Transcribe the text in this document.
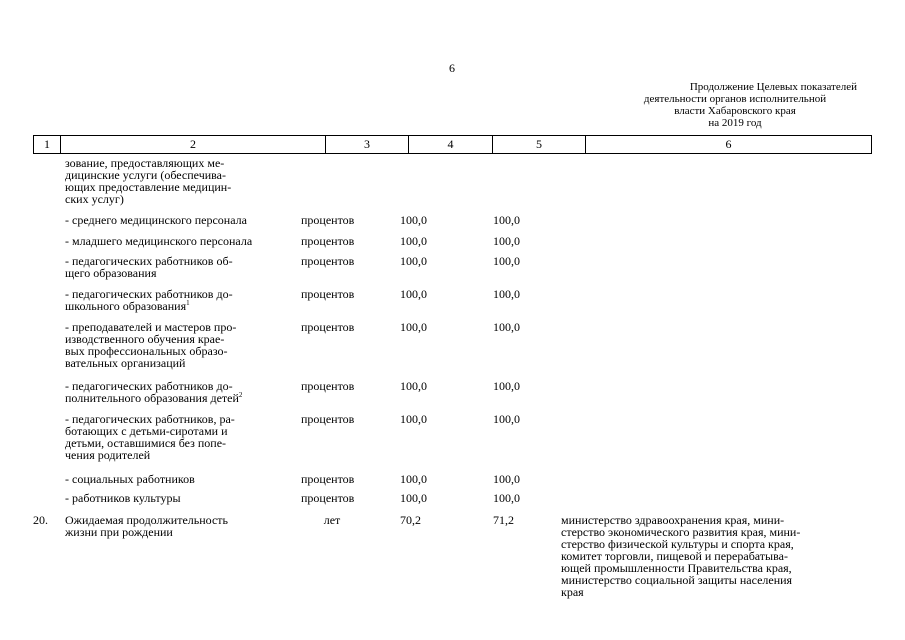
6
Продолжение Целевых показателей
деятельности органов исполнительной
власти Хабаровского края
на 2019 год
1	2	3	4	5	6
зование, предоставляющих ме-
дицинские услуги (обеспечива-
ющих предоставление медицин-
ских услуг)
- среднего медицинского персонала	процентов	100,0	100,0
- младшего медицинского персонала	процентов	100,0	100,0
- педагогических работников об-
щего образования
процентов	100,0	100,0
- педагогических работников до-
школьного образования$^1$
процентов	100,0	100,0
- преподавателей и мастеров про-
изводственного обучения крае-
вых профессиональных образо-
вательных организаций
процентов	100,0	100,0
- педагогических работников до-
полнительного образования детей$^2$
процентов	100,0	100,0
- педагогических работников, ра-
ботающих с детьми-сиротами и
детьми, оставшимися без попе-
чения родителей
процентов	100,0	100,0
- социальных работников	процентов	100,0	100,0
- работников культуры	процентов	100,0	100,0
20.	Ожидаемая продолжительность
жизни при рождении
лет	70,2	71,2	министерство здравоохранения края, мини-
стерство экономического развития края, мини-
стерство физической культуры и спорта края,
комитет торговли, пищевой и перерабатыва-
ющей промышленности Правительства края,
министерство социальной защиты населения
края
